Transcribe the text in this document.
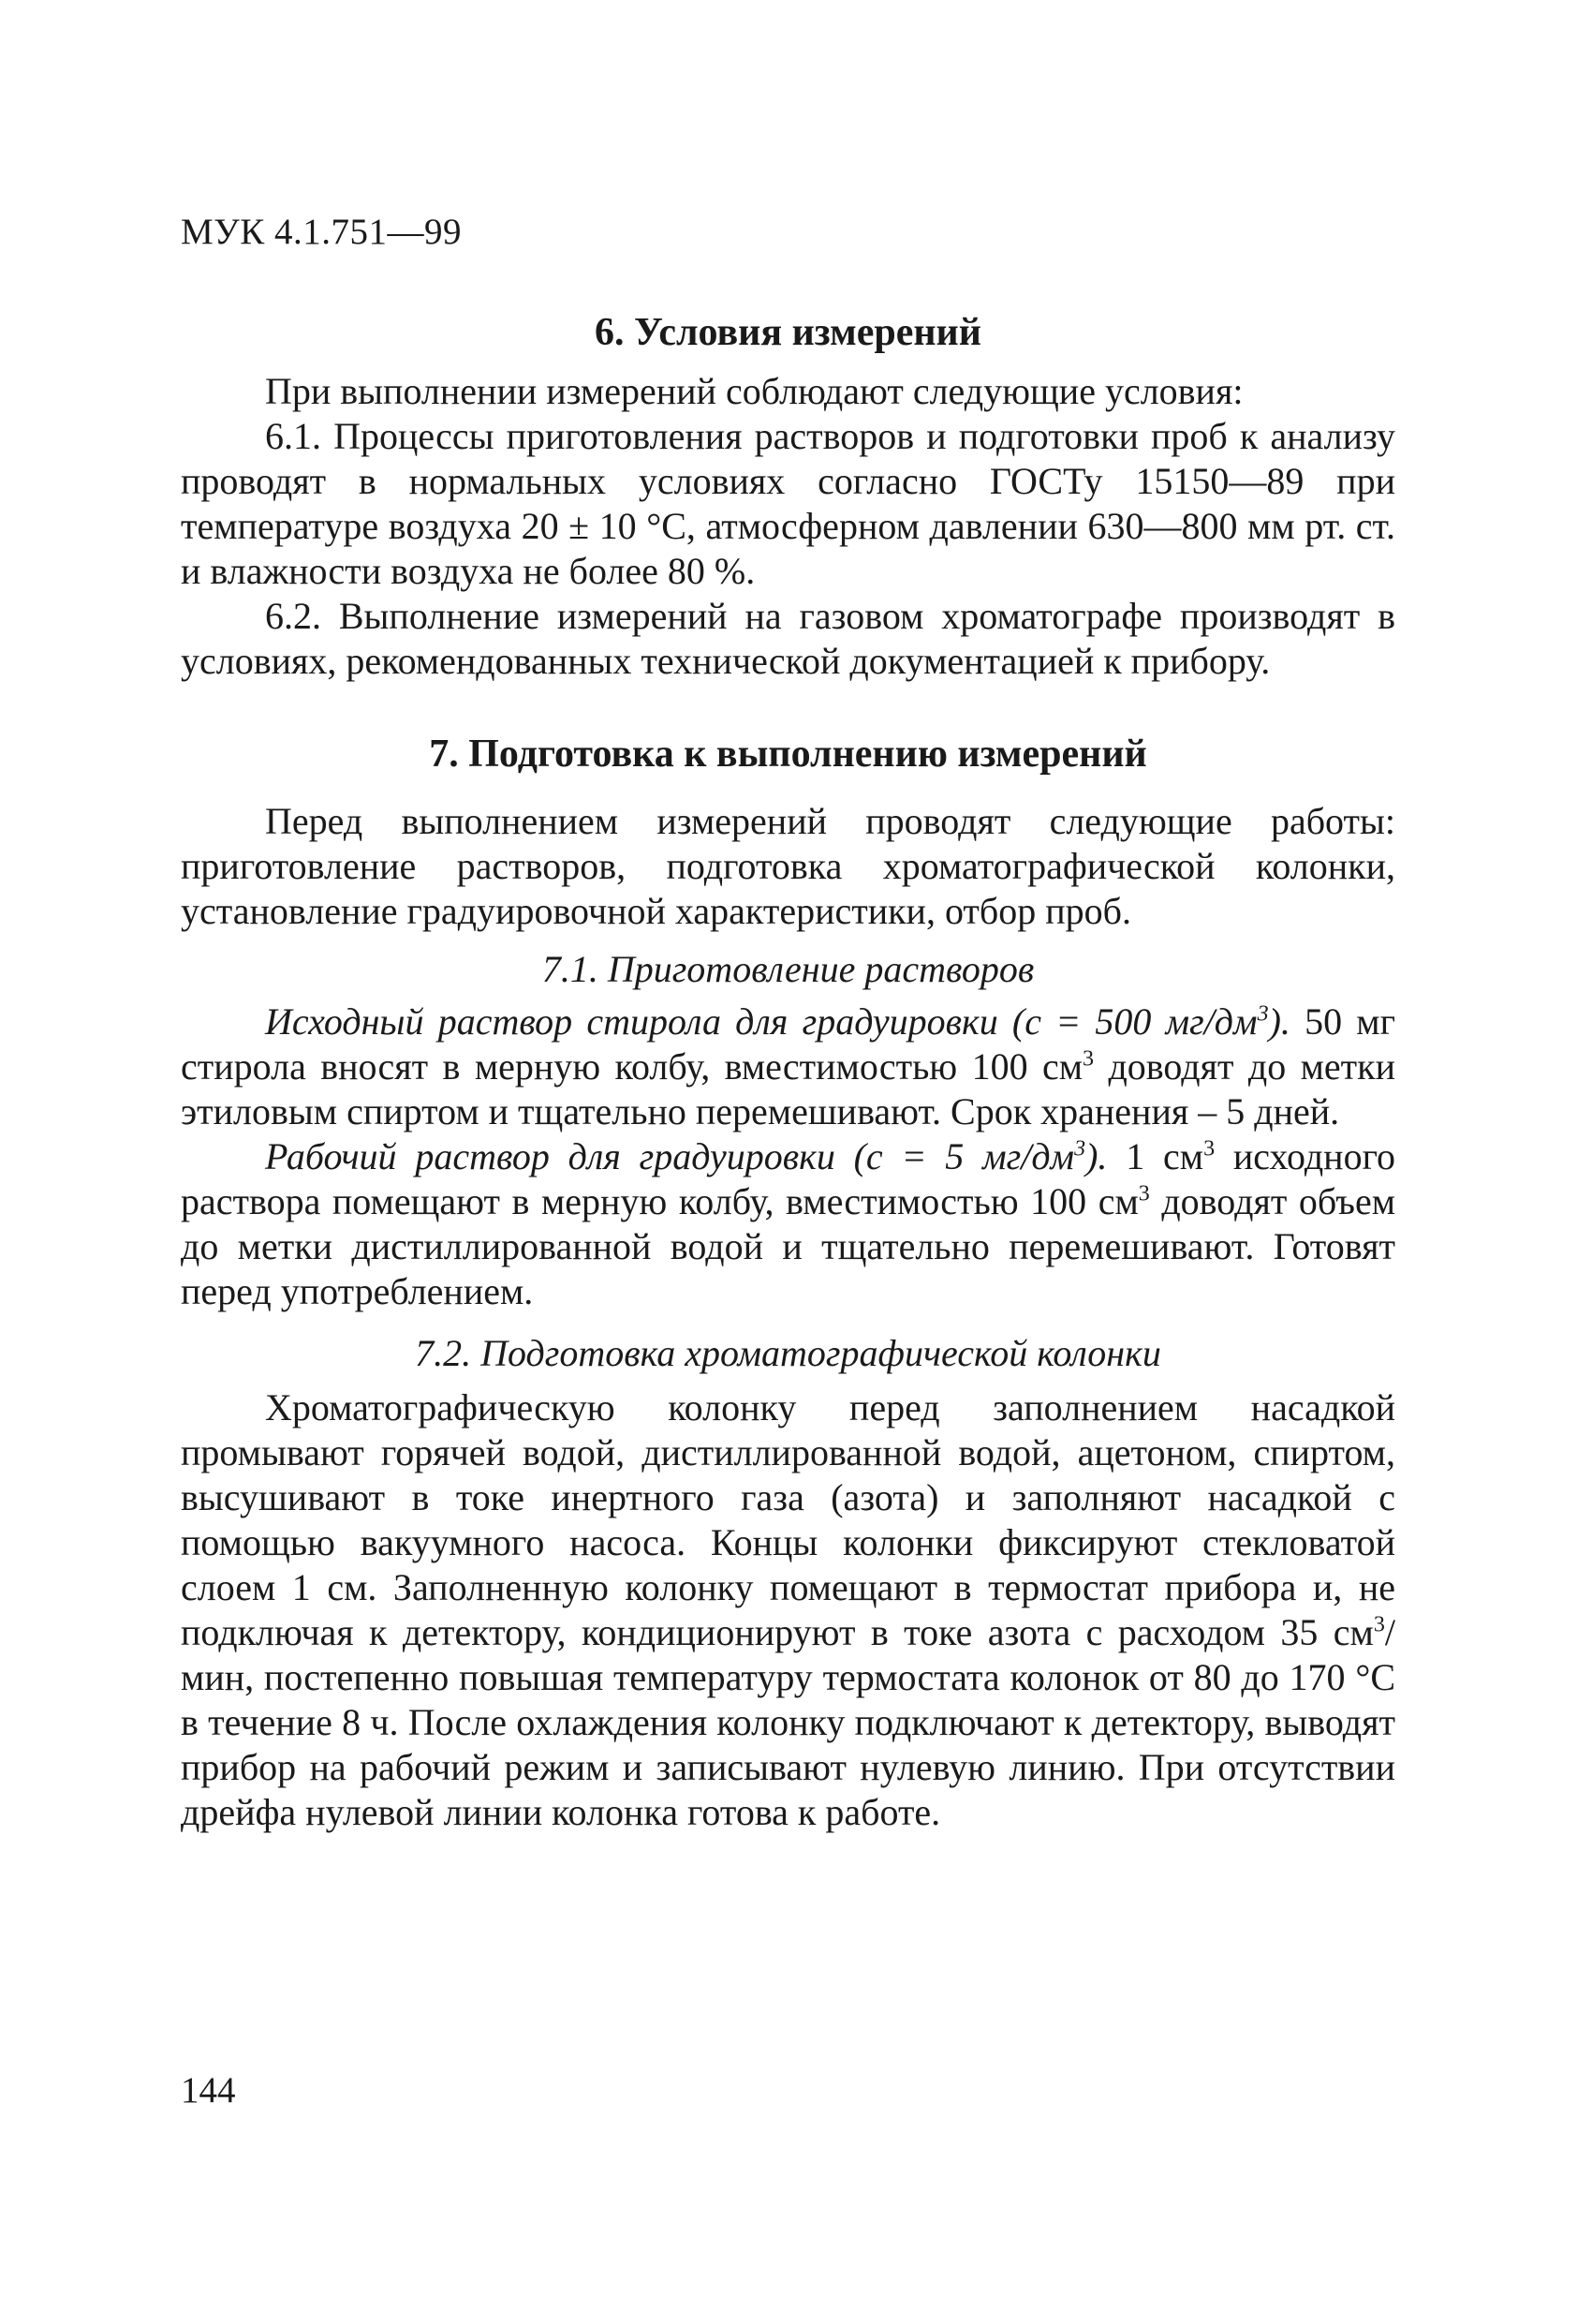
МУК 4.1.751—99
6. Условия измерений

При выполнении измерений соблюдают следующие условия:

6.1. Процессы приготовления растворов и подготовки проб к анализу проводят в нормальных условиях согласно ГОСТу 15150—89 при температуре воздуха 20 ± 10 °С, атмосферном давлении 630—800 мм рт. ст. и влажности воздуха не более 80 %.

6.2. Выполнение измерений на газовом хроматографе производят в условиях, рекомендованных технической документацией к прибору.

7. Подготовка к выполнению измерений

Перед выполнением измерений проводят следующие работы: приготовление растворов, подготовка хроматографической колонки, установление градуировочной характеристики, отбор проб.

7.1. Приготовление растворов

Исходный раствор стирола для градуировки (с = 500 $мг/дм^3$). 50 мг стирола вносят в мерную колбу, вместимостью 100 $см^3$ доводят до метки этиловым спиртом и тщательно перемешивают. Срок хранения – 5 дней.

Рабочий раствор для градуировки (с = 5 $мг/дм^3$). 1 $см^3$ исходного раствора помещают в мерную колбу, вместимостью 100 $см^3$ доводят объем до метки дистиллированной водой и тщательно перемешивают. Готовят перед употреблением.

7.2. Подготовка хроматографической колонки

Хроматографическую колонку перед заполнением насадкой промывают горячей водой, дистиллированной водой, ацетоном, спиртом, высушивают в токе инертного газа (азота) и заполняют насадкой с помощью вакуумного насоса. Концы колонки фиксируют стекловатой слоем 1 см. Заполненную колонку помещают в термостат прибора и, не подключая к детектору, кондиционируют в токе азота с расходом 35 $см^3$/мин, постепенно повышая температуру термостата колонок от 80 до 170 °С в течение 8 ч. После охлаждения колонку подключают к детектору, выводят прибор на рабочий режим и записывают нулевую линию. При отсутствии дрейфа нулевой линии колонка готова к работе.

144
